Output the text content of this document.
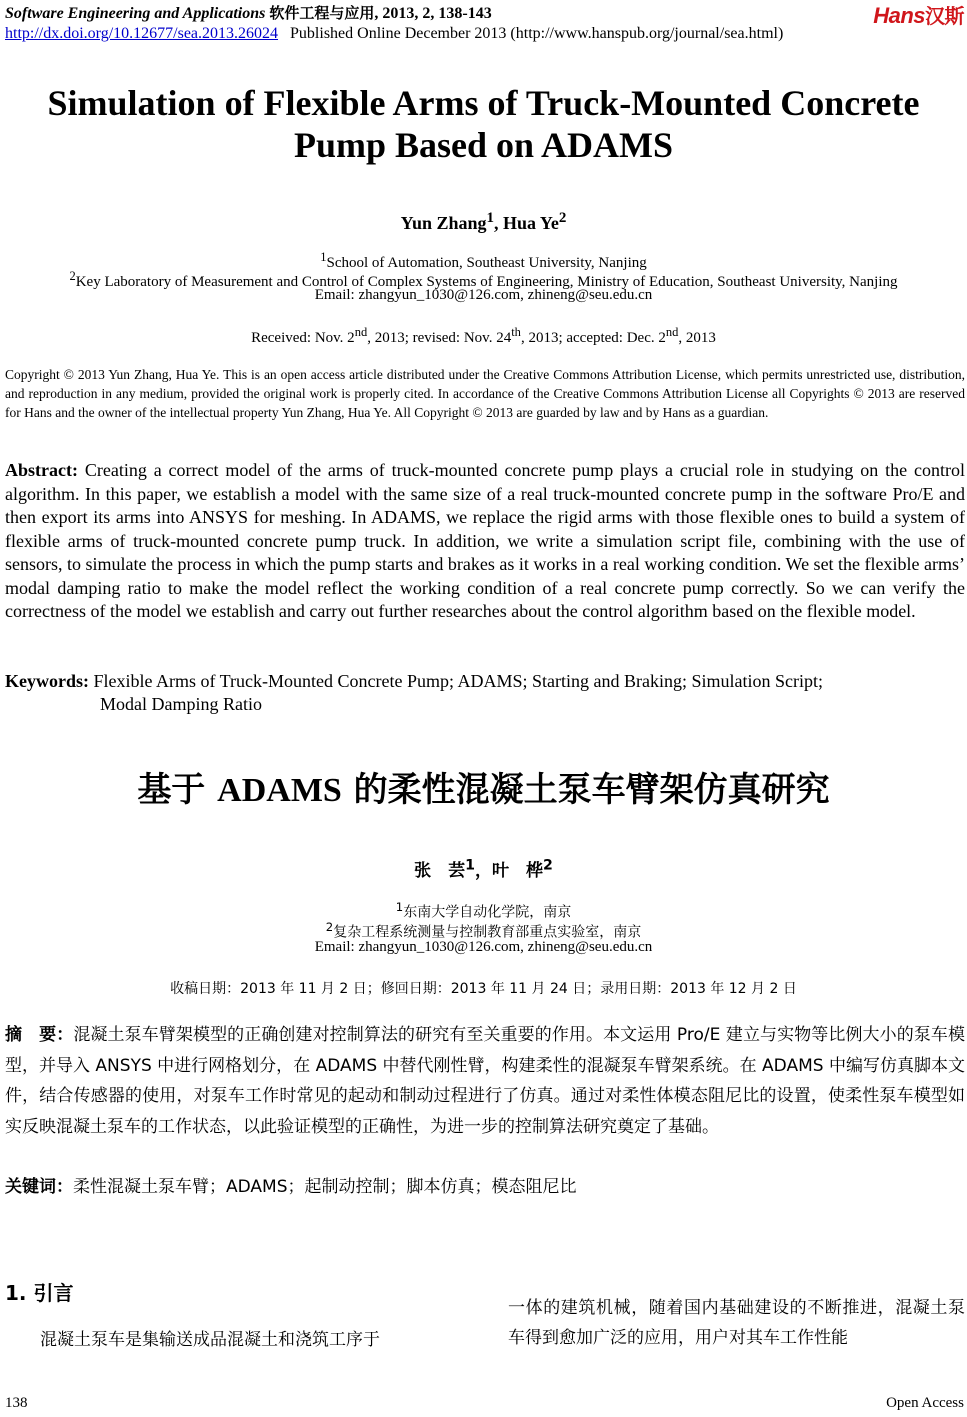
Software Engineering and Applications 软件工程与应用, 2013, 2, 138-143	Hans汉斯
http://dx.doi.org/10.12677/sea.2013.26024 Published Online December 2013 (http://www.hanspub.org/journal/sea.html)
Simulation of Flexible Arms of Truck-Mounted Concrete
Pump Based on ADAMS
Yun Zhang$^1$, Hua Ye$^2$
$^1$School of Automation, Southeast University, Nanjing
$^2$Key Laboratory of Measurement and Control of Complex Systems of Engineering, Ministry of Education, Southeast University, Nanjing
Email: zhangyun_1030@126.com, zhineng@seu.edu.cn
Received: Nov. 2nd, 2013; revised: Nov. 24th, 2013; accepted: Dec. 2nd, 2013
Copyright © 2013 Yun Zhang, Hua Ye. This is an open access article distributed under the Creative Commons Attribution License, which permits unrestricted use, distribution, and reproduction in any medium, provided the original work is properly cited. In accordance of the Creative Commons Attribution License all Copyrights © 2013 are reserved for Hans and the owner of the intellectual property Yun Zhang, Hua Ye. All Copyright © 2013 are guarded by law and by Hans as a guardian.
Abstract: Creating a correct model of the arms of truck-mounted concrete pump plays a crucial role in studying on the control algorithm. In this paper, we establish a model with the same size of a real truck-mounted concrete pump in the software Pro/E and then export its arms into ANSYS for meshing. In ADAMS, we replace the rigid arms with those flexible ones to build a system of flexible arms of truck-mounted concrete pump truck. In addition, we write a simulation script file, combining with the use of sensors, to simulate the process in which the pump starts and brakes as it works in a real working condition. We set the flexible arms’ modal damping ratio to make the model reflect the working condition of a real concrete pump correctly. So we can verify the correctness of the model we establish and carry out further researches about the control algorithm based on the flexible model.
Keywords: Flexible Arms of Truck-Mounted Concrete Pump; ADAMS; Starting and Braking; Simulation Script;
Modal Damping Ratio
基于 ADAMS 的柔性混凝土泵车臂架仿真研究
张　芸$^1$，叶　桦$^2$
$^1$东南大学自动化学院，南京
$^2$复杂工程系统测量与控制教育部重点实验室，南京
Email: zhangyun_1030@126.com, zhineng@seu.edu.cn
收稿日期：2013 年 11 月 2 日；修回日期：2013 年 11 月 24 日；录用日期：2013 年 12 月 2 日
摘　要：混凝土泵车臂架模型的正确创建对控制算法的研究有至关重要的作用。本文运用 Pro/E 建立与实物等比例大小的泵车模型，并导入 ANSYS 中进行网格划分，在 ADAMS 中替代刚性臂，构建柔性的混凝泵车臂架系统。在 ADAMS 中编写仿真脚本文件，结合传感器的使用，对泵车工作时常见的起动和制动过程进行了仿真。通过对柔性体模态阻尼比的设置，使柔性泵车模型如实反映混凝土泵车的工作状态，以此验证模型的正确性，为进一步的控制算法研究奠定了基础。
关键词：柔性混凝土泵车臂；ADAMS；起制动控制；脚本仿真；模态阻尼比
1. 引言
混凝土泵车是集输送成品混凝土和浇筑工序于
一体的建筑机械，随着国内基础建设的不断推进，混凝土泵车得到愈加广泛的应用，用户对其车工作性能
138	Open Access
